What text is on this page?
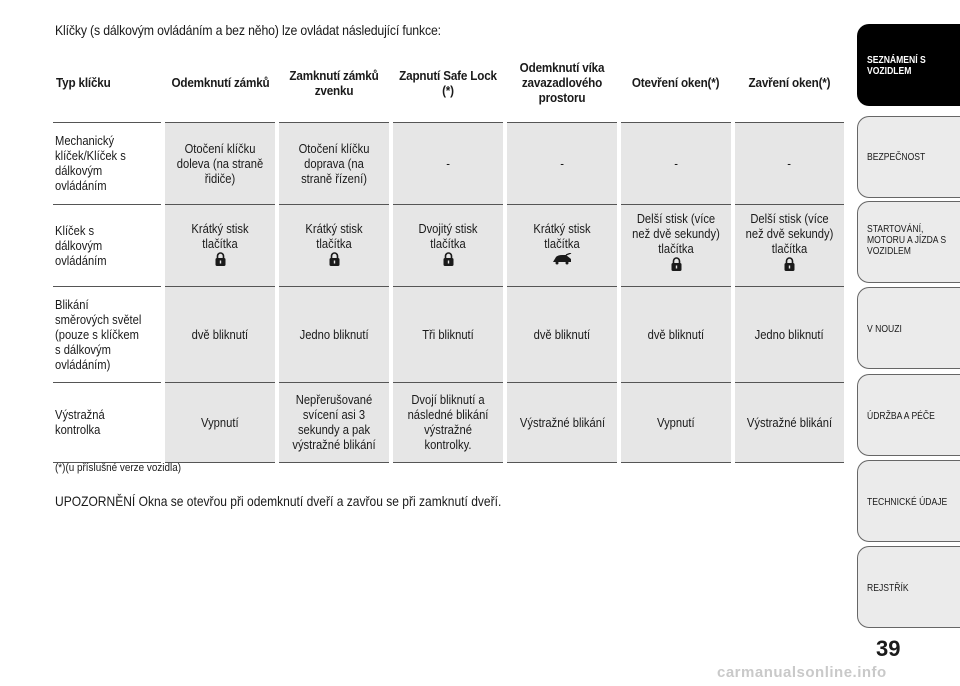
Klíčky (s dálkovým ovládáním a bez něho) lze ovládat následující funkce:
Typ klíčku	Odemknutí zámků	Zamknutí zámků zvenku	Zapnutí Safe Lock (*)	Odemknutí víka zavazadlového prostoru	Otevření oken(*)	Zavření oken(*)
Mechanický klíček/Klíček s dálkovým ovládáním	Otočení klíčku doleva (na straně řidiče)	Otočení klíčku doprava (na straně řízení)	-	-	-	-
Klíček s dálkovým ovládáním	Krátký stisk tlačítka	Krátký stisk tlačítka	Dvojitý stisk tlačítka	Krátký stisk tlačítka	Delší stisk (více než dvě sekundy) tlačítka	Delší stisk (více než dvě sekundy) tlačítka
Blikání směrových světel (pouze s klíčkem s dálkovým ovládáním)	dvě bliknutí	Jedno bliknutí	Tři bliknutí	dvě bliknutí	dvě bliknutí	Jedno bliknutí
Výstražná kontrolka	Vypnutí	Nepřerušované svícení asi 3 sekundy a pak výstražné blikání	Dvojí bliknutí a následné blikání výstražné kontrolky.	Výstražné blikání	Vypnutí	Výstražné blikání
(*)(u příslušné verze vozidla)
UPOZORNĚNÍ Okna se otevřou při odemknutí dveří a zavřou se při zamknutí dveří.
SEZNÁMENÍ S
VOZIDLEM
BEZPEČNOST
STARTOVÁNÍ,
MOTORU A JÍZDA S
VOZIDLEM
V NOUZI
ÚDRŽBA A PÉČE
TECHNICKÉ ÚDAJE
REJSTŘÍK
39
carmanualsonline.info
